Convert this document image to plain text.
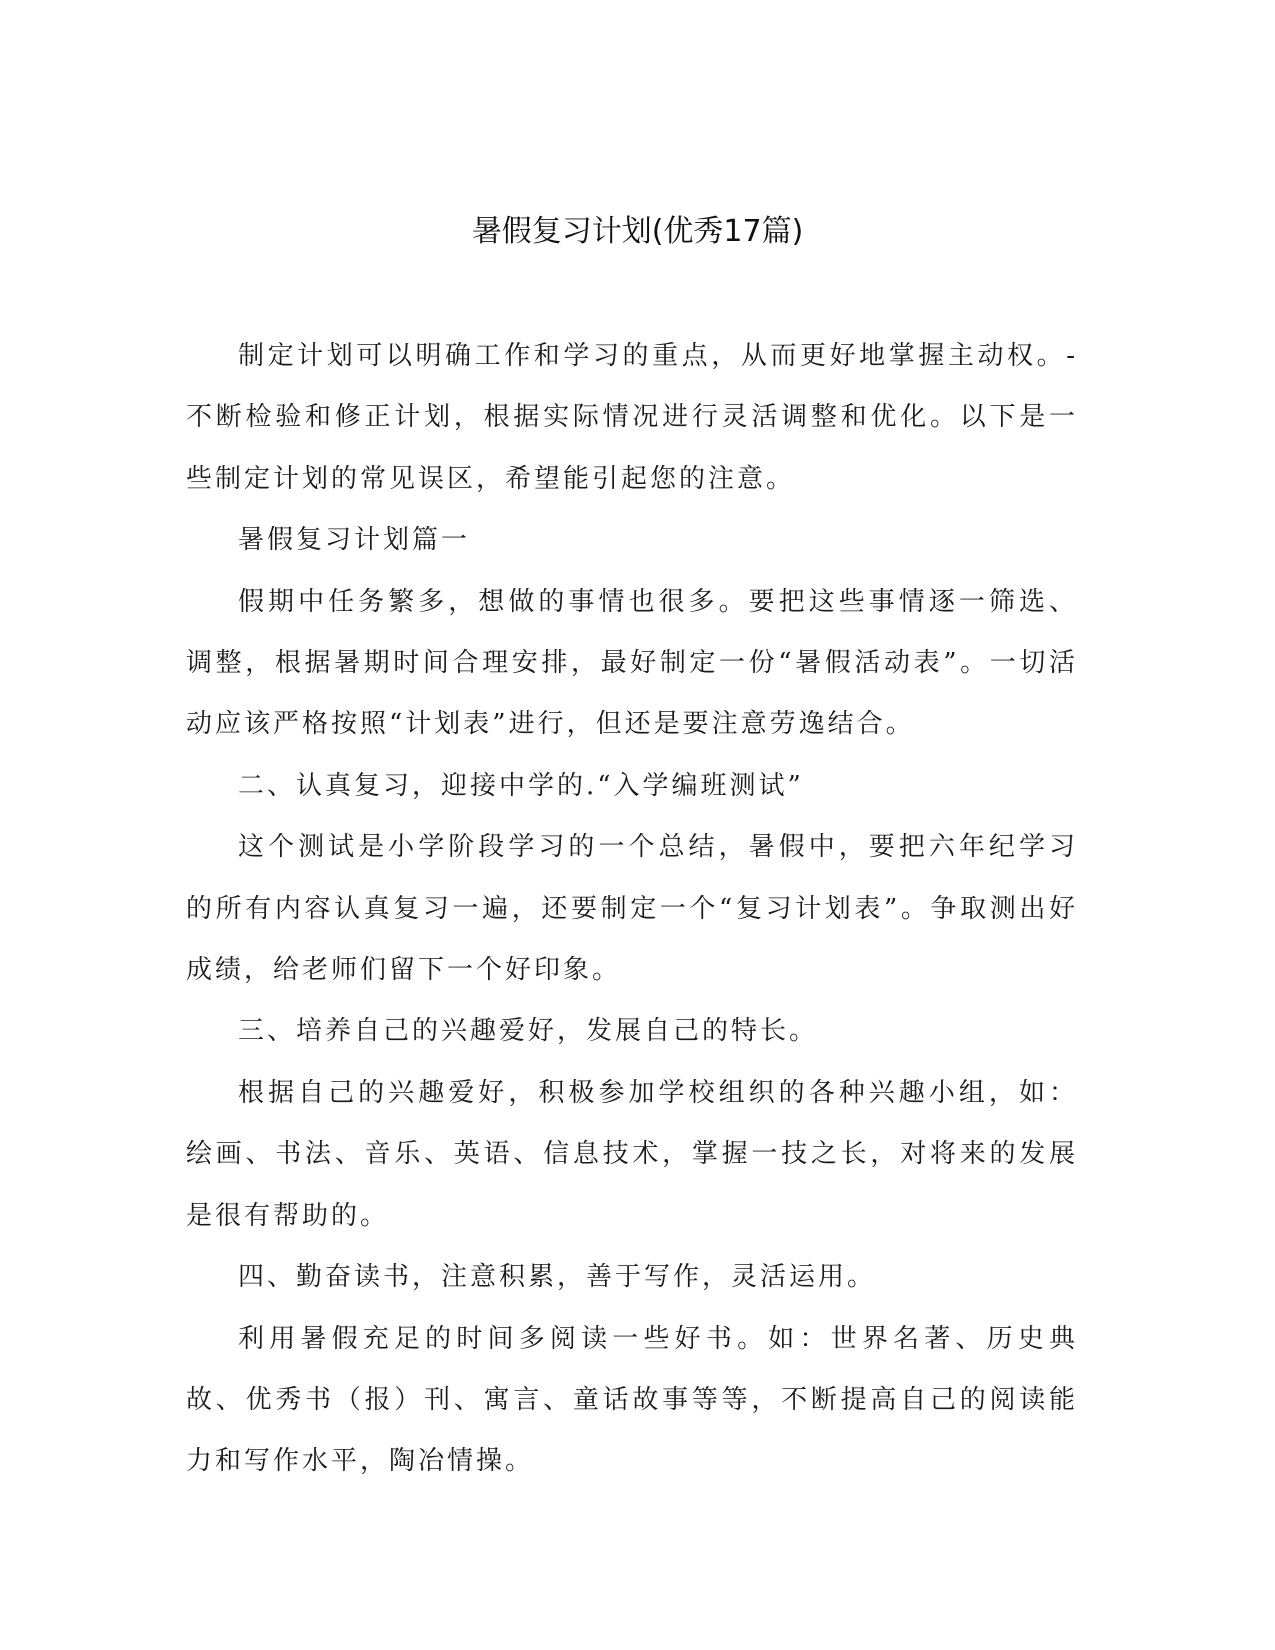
暑假复习计划(优秀17篇)

制定计划可以明确工作和学习的重点，从而更好地掌握主动权。-不断检验和修正计划，根据实际情况进行灵活调整和优化。以下是一些制定计划的常见误区，希望能引起您的注意。

暑假复习计划篇一

假期中任务繁多，想做的事情也很多。要把这些事情逐一筛选、调整，根据暑期时间合理安排，最好制定一份“暑假活动表”。一切活动应该严格按照“计划表”进行，但还是要注意劳逸结合。

二、认真复习，迎接中学的.“入学编班测试”

这个测试是小学阶段学习的一个总结，暑假中，要把六年纪学习的所有内容认真复习一遍，还要制定一个“复习计划表”。争取测出好成绩，给老师们留下一个好印象。

三、培养自己的兴趣爱好，发展自己的特长。

根据自己的兴趣爱好，积极参加学校组织的各种兴趣小组，如：绘画、书法、音乐、英语、信息技术，掌握一技之长，对将来的发展是很有帮助的。

四、勤奋读书，注意积累，善于写作，灵活运用。

利用暑假充足的时间多阅读一些好书。如：世界名著、历史典故、优秀书（报）刊、寓言、童话故事等等，不断提高自己的阅读能力和写作水平，陶冶情操。
